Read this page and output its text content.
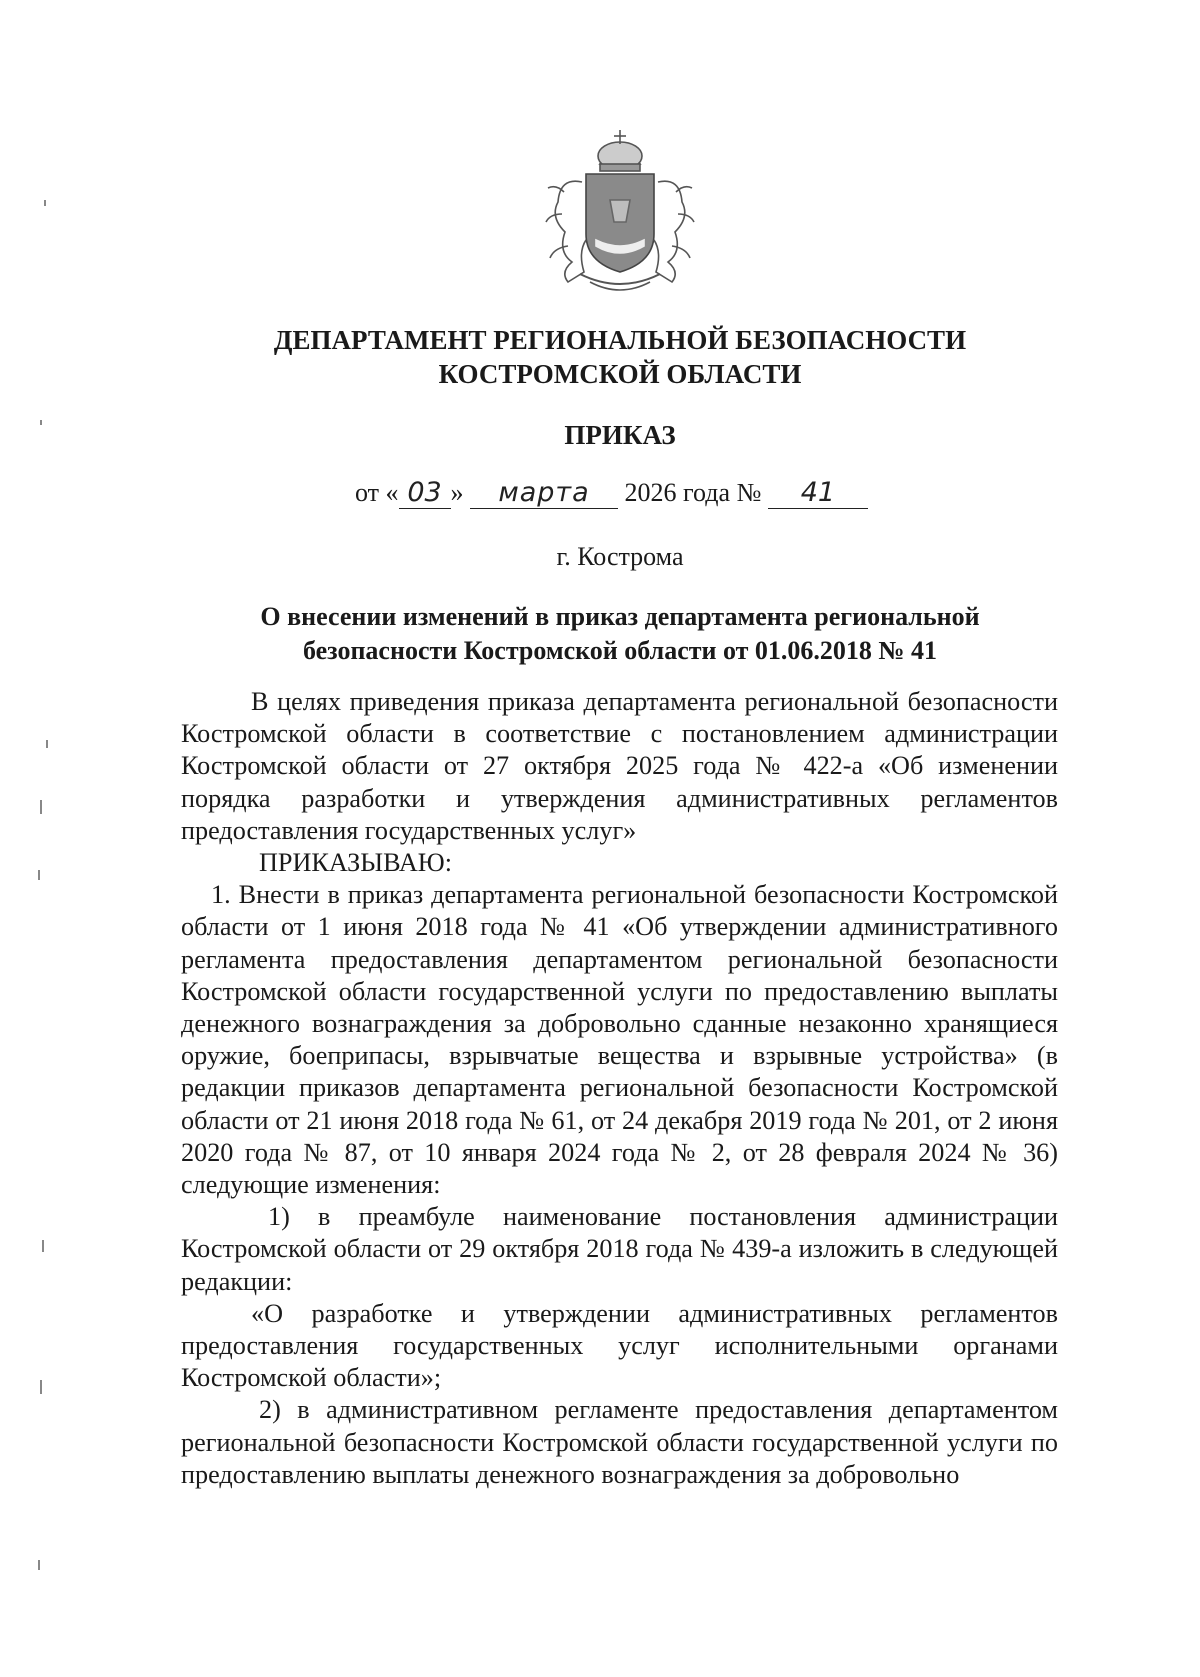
ДЕПАРТАМЕНТ РЕГИОНАЛЬНОЙ БЕЗОПАСНОСТИ
КОСТРОМСКОЙ ОБЛАСТИ
ПРИКАЗ
от « 03 » марта 2026 года № 41
г. Кострома
О внесении изменений в приказ департамента региональной
безопасности Костромской области от 01.06.2018 № 41

В целях приведения приказа департамента региональной безопасности Костромской области в соответствие с постановлением администрации Костромской области от 27 октября 2025 года № 422-а «Об изменении порядка разработки и утверждения административных регламентов предоставления государственных услуг»

ПРИКАЗЫВАЮ:

1. Внести в приказ департамента региональной безопасности Костромской области от 1 июня 2018 года № 41 «Об утверждении административного регламента предоставления департаментом региональной безопасности Костромской области государственной услуги по предоставлению выплаты денежного вознаграждения за добровольно сданные незаконно хранящиеся оружие, боеприпасы, взрывчатые вещества и взрывные устройства» (в редакции приказов департамента региональной безопасности Костромской области от 21 июня 2018 года № 61, от 24 декабря 2019 года № 201, от 2 июня 2020 года № 87, от 10 января 2024 года № 2, от 28 февраля 2024 № 36) следующие изменения:

1) в преамбуле наименование постановления администрации Костромской области от 29 октября 2018 года № 439-а изложить в следующей редакции:

«О разработке и утверждении административных регламентов предоставления государственных услуг исполнительными органами Костромской области»;

2) в административном регламенте предоставления департаментом региональной безопасности Костромской области государственной услуги по предоставлению выплаты денежного вознаграждения за добровольно
